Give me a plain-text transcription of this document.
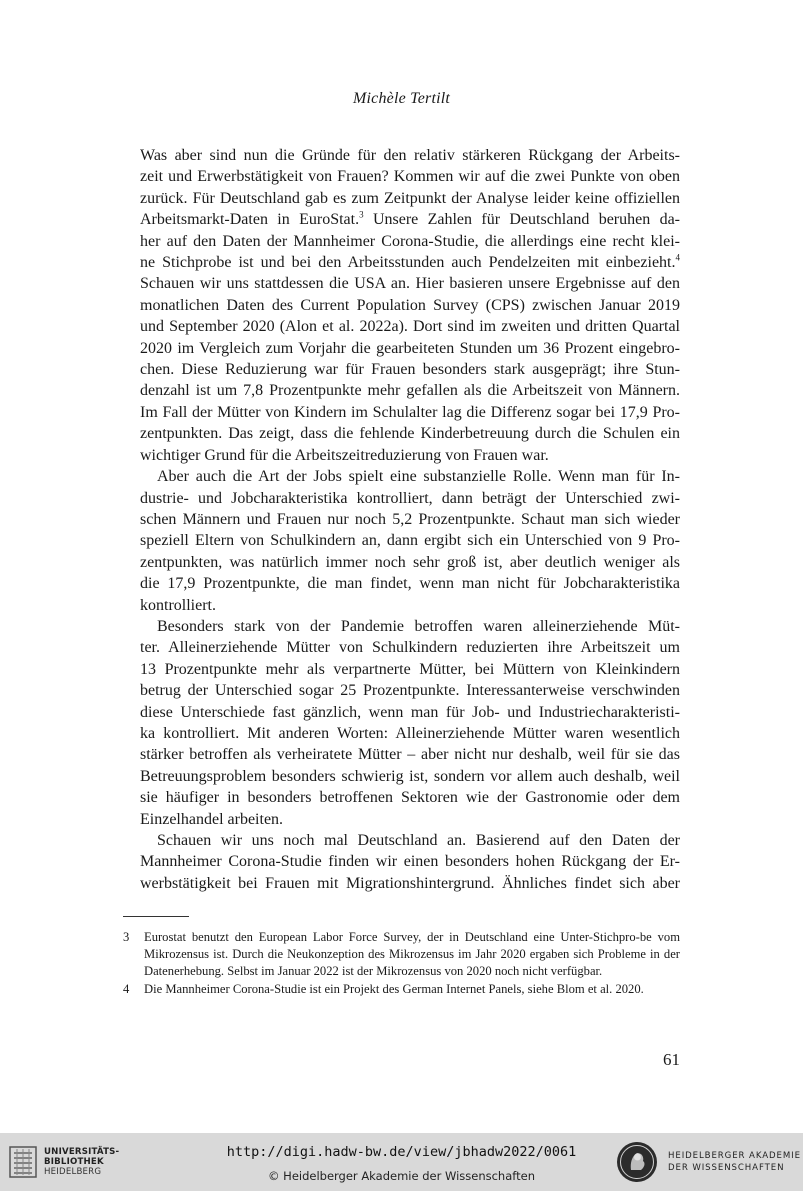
Michèle Tertilt

Was aber sind nun die Gründe für den relativ stärkeren Rückgang der Arbeits-
zeit und Erwerbstätigkeit von Frauen? Kommen wir auf die zwei Punkte von oben
zurück. Für Deutschland gab es zum Zeitpunkt der Analyse leider keine offiziellen
Arbeitsmarkt-Daten in EuroStat.$^3$ Unsere Zahlen für Deutschland beruhen da-
her auf den Daten der Mannheimer Corona-Studie, die allerdings eine recht klei-
ne Stichprobe ist und bei den Arbeitsstunden auch Pendelzeiten mit einbezieht.$^4$
Schauen wir uns stattdessen die USA an. Hier basieren unsere Ergebnisse auf den
monatlichen Daten des Current Population Survey (CPS) zwischen Januar 2019
und September 2020 (Alon et al. 2022a). Dort sind im zweiten und dritten Quartal
2020 im Vergleich zum Vorjahr die gearbeiteten Stunden um 36 Prozent eingebro-
chen. Diese Reduzierung war für Frauen besonders stark ausgeprägt; ihre Stun-
denzahl ist um 7,8 Prozentpunkte mehr gefallen als die Arbeitszeit von Männern.
Im Fall der Mütter von Kindern im Schulalter lag die Differenz sogar bei 17,9 Pro-
zentpunkten. Das zeigt, dass die fehlende Kinderbetreuung durch die Schulen ein
wichtiger Grund für die Arbeitszeitreduzierung von Frauen war.

Aber auch die Art der Jobs spielt eine substanzielle Rolle. Wenn man für In-
dustrie- und Jobcharakteristika kontrolliert, dann beträgt der Unterschied zwi-
schen Männern und Frauen nur noch 5,2 Prozentpunkte. Schaut man sich wieder
speziell Eltern von Schulkindern an, dann ergibt sich ein Unterschied von 9 Pro-
zentpunkten, was natürlich immer noch sehr groß ist, aber deutlich weniger als
die 17,9 Prozentpunkte, die man findet, wenn man nicht für Jobcharakteristika
kontrolliert.

Besonders stark von der Pandemie betroffen waren alleinerziehende Müt-
ter. Alleinerziehende Mütter von Schulkindern reduzierten ihre Arbeitszeit um
13 Prozentpunkte mehr als verpartnerte Mütter, bei Müttern von Kleinkindern
betrug der Unterschied sogar 25 Prozentpunkte. Interessanterweise verschwinden
diese Unterschiede fast gänzlich, wenn man für Job- und Industriecharakteristi-
ka kontrolliert. Mit anderen Worten: Alleinerziehende Mütter waren wesentlich
stärker betroffen als verheiratete Mütter – aber nicht nur deshalb, weil für sie das
Betreuungsproblem besonders schwierig ist, sondern vor allem auch deshalb, weil
sie häufiger in besonders betroffenen Sektoren wie der Gastronomie oder dem
Einzelhandel arbeiten.

Schauen wir uns noch mal Deutschland an. Basierend auf den Daten der
Mannheimer Corona-Studie finden wir einen besonders hohen Rückgang der Er-
werbstätigkeit bei Frauen mit Migrationshintergrund. Ähnliches findet sich aber

3	Eurostat benutzt den European Labor Force Survey, der in Deutschland eine Unter-Stichpro-be vom Mikrozensus ist. Durch die Neukonzeption des Mikrozensus im Jahr 2020 ergaben sich Probleme in der Datenerhebung. Selbst im Januar 2022 ist der Mikrozensus von 2020 noch nicht verfügbar.
4	Die Mannheimer Corona-Studie ist ein Projekt des German Internet Panels, siehe Blom et al. 2020.
61
UNIVERSITÄTS-
BIBLIOTHEK
HEIDELBERG
http://digi.hadw-bw.de/view/jbhadw2022/0061
© Heidelberger Akademie der Wissenschaften
HEIDELBERGER AKADEMIE
DER WISSENSCHAFTEN
